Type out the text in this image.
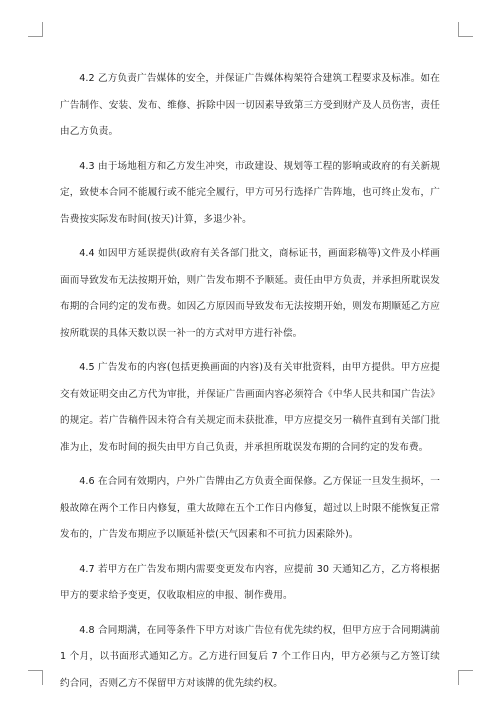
4.2 乙方负责广告媒体的安全，并保证广告媒体构架符合建筑工程要求及标准。如在广告制作、安装、发布、维修、拆除中因一切因素导致第三方受到财产及人员伤害，责任由乙方负责。

4.3 由于场地租方和乙方发生冲突，市政建设、规划等工程的影响或政府的有关新规定，致使本合同不能履行或不能完全履行，甲方可另行选择广告阵地，也可终止发布，广告费按实际发布时间(按天)计算，多退少补。

4.4 如因甲方延误提供(政府有关各部门批文，商标证书，画面彩稿等)文件及小样画面而导致发布无法按期开始，则广告发布期不予顺延。责任由甲方负责，并承担所耽误发布期的合同约定的发布费。如因乙方原因而导致发布无法按期开始，则发布期顺延乙方应按所耽误的具体天数以误一补一的方式对甲方进行补偿。

4.5 广告发布的内容(包括更换画面的内容)及有关审批资料，由甲方提供。甲方应提交有效证明交由乙方代为审批，并保证广告画面内容必须符合《中华人民共和国广告法》的规定。若广告稿件因未符合有关规定而未获批准，甲方应提交另一稿件直到有关部门批准为止，发布时间的损失由甲方自己负责，并承担所耽误发布期的合同约定的发布费。

4.6 在合同有效期内，户外广告牌由乙方负责全面保修。乙方保证一旦发生损坏，一般故障在两个工作日内修复，重大故障在五个工作日内修复，超过以上时限不能恢复正常发布的，广告发布期应予以顺延补偿(天气因素和不可抗力因素除外)。

4.7 若甲方在广告发布期内需要变更发布内容，应提前 30 天通知乙方，乙方将根据甲方的要求给予变更，仅收取相应的申报、制作费用。

4.8 合同期满，在同等条件下甲方对该广告位有优先续约权，但甲方应于合同期满前 1 个月，以书面形式通知乙方。乙方进行回复后 7 个工作日内，甲方必须与乙方签订续约合同，否则乙方不保留甲方对该牌的优先续约权。
